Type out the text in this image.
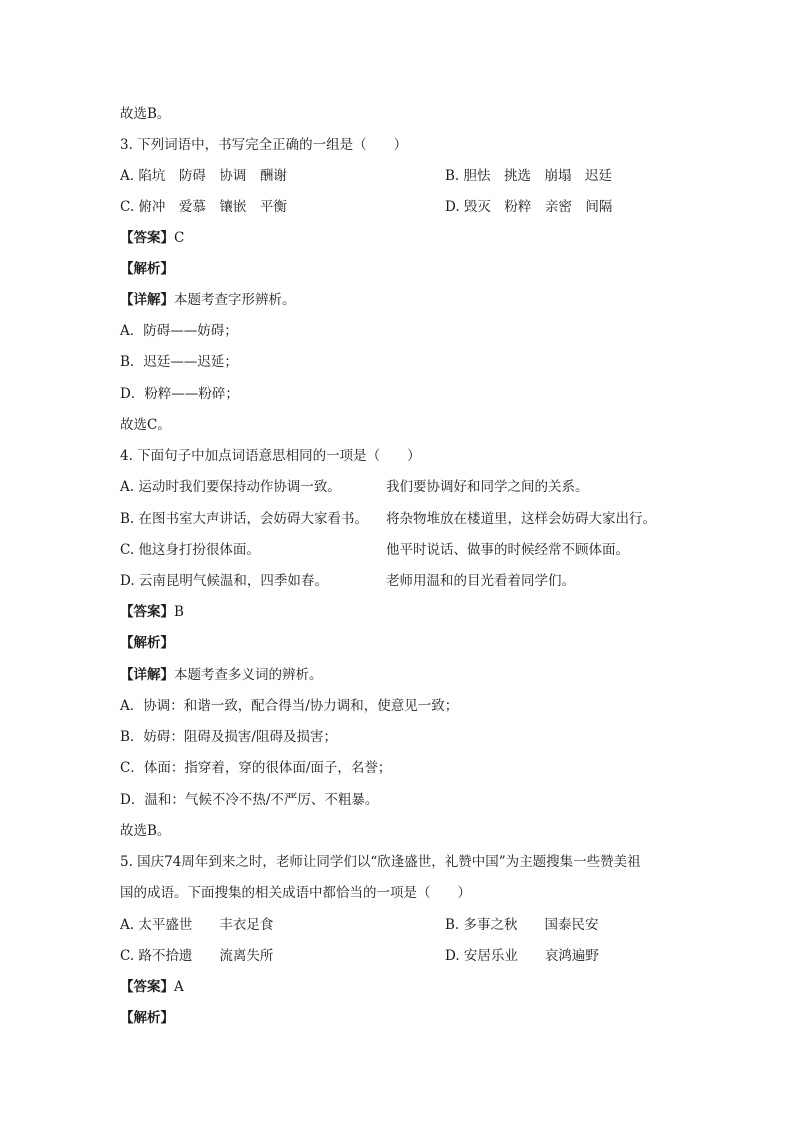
故选B。
3. 下列词语中，书写完全正确的一组是（　　）
A. 陷坑　防碍　协调　酬谢	B. 胆怯　挑选　崩塌　迟廷
C. 俯冲　爱慕　镶嵌　平衡	D. 毁灭　粉粹　亲密　间隔
【答案】C
【解析】
【详解】本题考查字形辨析。
A．防碍——妨碍；
B．迟廷——迟延；
D．粉粹——粉碎；
故选C。
4. 下面句子中加点词语意思相同的一项是（　　）
A. 运动时我们要保持动作协调一致。	我们要协调好和同学之间的关系。
B. 在图书室大声讲话，会妨碍大家看书。 将杂物堆放在楼道里，这样会妨碍大家出行。
C. 他这身打扮很体面。	他平时说话、做事的时候经常不顾体面。
D. 云南昆明气候温和，四季如春。	老师用温和的目光看着同学们。
【答案】B
【解析】
【详解】本题考查多义词的辨析。
A．协调：和谐一致，配合得当/协力调和，使意见一致；
B．妨碍：阻碍及损害/阻碍及损害；
C．体面：指穿着，穿的很体面/面子，名誉；
D．温和：气候不冷不热/不严厉、不粗暴。
故选B。
5. 国庆74周年到来之时，老师让同学们以“欣逢盛世，礼赞中国”为主题搜集一些赞美祖
国的成语。下面搜集的相关成语中都恰当的一项是（　　）
A. 太平盛世　　丰衣足食	B. 多事之秋　　国泰民安
C. 路不拾遗　　流离失所	D. 安居乐业　　哀鸿遍野
【答案】A
【解析】
